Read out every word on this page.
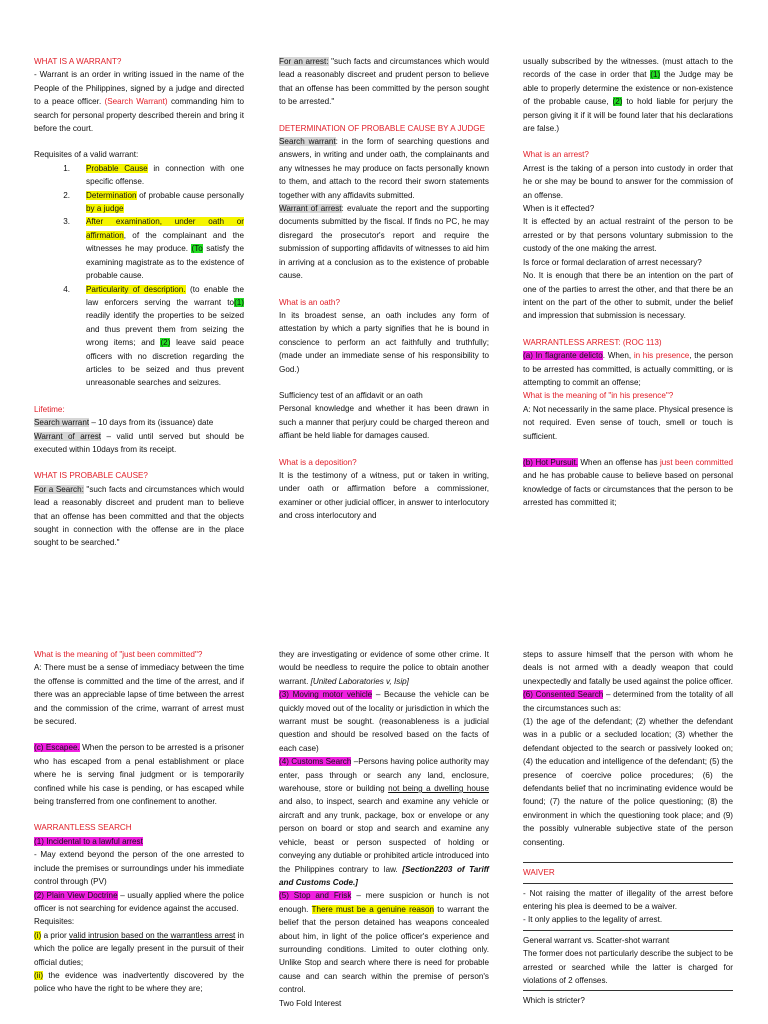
WHAT IS A WARRANT?

- Warrant is an order in writing issued in the name of the People of the Philippines, signed by a judge and directed to a peace officer. (Search Warrant) commanding him to search for personal property described therein and bring it before the court.

Requisites of a valid warrant:

1.	Probable Cause in connection with one specific offense.
2.	Determination of probable cause personally by a judge
3.	After examination, under oath or affirmation, of the complainant and the witnesses he may produce. (To satisfy the examining magistrate as to the existence of probable cause.
4.	Particularity of description. (to enable the law enforcers serving the warrant to(1) readily identify the properties to be seized and thus prevent them from seizing the wrong items; and (2) leave said peace officers with no discretion regarding the articles to be seized and thus prevent unreasonable searches and seizures.

Lifetime:

Search warrant – 10 days from its (issuance) date

Warrant of arrest – valid until served but should be executed within 10days from its receipt.

WHAT IS PROBABLE CAUSE?

For a Search: "such facts and circumstances which would lead a reasonably discreet and prudent man to believe that an offense has been committed and that the objects sought in connection with the offense are in the place sought to be searched."

For an arrest: "such facts and circumstances which would lead a reasonably discreet and prudent person to believe that an offense has been committed by the person sought to be arrested."

DETERMINATION OF PROBABLE CAUSE BY A JUDGE

Search warrant: in the form of searching questions and answers, in writing and under oath, the complainants and any witnesses he may produce on facts personally known to them, and attach to the record their sworn statements together with any affidavits submitted.

Warrant of arrest: evaluate the report and the supporting documents submitted by the fiscal. If finds no PC, he may disregard the prosecutor's report and require the submission of supporting affidavits of witnesses to aid him in arriving at a conclusion as to the existence of probable cause.

What is an oath?

In its broadest sense, an oath includes any form of attestation by which a party signifies that he is bound in conscience to perform an act faithfully and truthfully; (made under an immediate sense of his responsibility to God.)

Sufficiency test of an affidavit or an oath

Personal knowledge and whether it has been drawn in such a manner that perjury could be charged thereon and affiant be held liable for damages caused.

What is a deposition?

It is the testimony of a witness, put or taken in writing, under oath or affirmation before a commissioner, examiner or other judicial officer, in answer to interlocutory and cross interlocutory and

usually subscribed by the witnesses. (must attach to the records of the case in order that (1) the Judge may be able to properly determine the existence or non-existence of the probable cause, (2) to hold liable for perjury the person giving it if it will be found later that his declarations are false.)

What is an arrest?

Arrest is the taking of a person into custody in order that he or she may be bound to answer for the commission of an offense.

When is it effected?

It is effected by an actual restraint of the person to be arrested or by that persons voluntary submission to the custody of the one making the arrest.

Is force or formal declaration of arrest necessary?

No. It is enough that there be an intention on the part of one of the parties to arrest the other, and that there be an intent on the part of the other to submit, under the belief and impression that submission is necessary.

WARRANTLESS ARREST: (ROC 113)

(a) In flagrante delicto. When, in his presence, the person to be arrested has committed, is actually committing, or is attempting to commit an offense;

What is the meaning of "in his presence"?

A: Not necessarily in the same place. Physical presence is not required. Even sense of touch, smell or touch is sufficient.

(b) Hot Pursuit. When an offense has just been committed and he has probable cause to believe based on personal knowledge of facts or circumstances that the person to be arrested has committed it;

What is the meaning of "just been committed"?

A: There must be a sense of immediacy between the time the offense is committed and the time of the arrest, and if there was an appreciable lapse of time between the arrest and the commission of the crime, warrant of arrest must be secured.

(c) Escapee. When the person to be arrested is a prisoner who has escaped from a penal establishment or place where he is serving final judgment or is temporarily confined while his case is pending, or has escaped while being transferred from one confinement to another.

WARRANTLESS SEARCH

(1) Incidental to a lawful arrest

- May extend beyond the person of the one arrested to include the premises or surroundings under his immediate control through (PV)

(2) Plain View Doctrine – usually applied where the police officer is not searching for evidence against the accused.

Requisites:

(i) a prior valid intrusion based on the warrantless arrest in which the police are legally present in the pursuit of their official duties;

(ii) the evidence was inadvertently discovered by the police who have the right to be where they are;

they are investigating or evidence of some other crime. It would be needless to require the police to obtain another warrant. [United Laboratories v, Isip]

(3) Moving motor vehicle – Because the vehicle can be quickly moved out of the locality or jurisdiction in which the warrant must be sought. (reasonableness is a judicial question and should be resolved based on the facts of each case)

(4) Customs Search –Persons having police authority may enter, pass through or search any land, enclosure, warehouse, store or building not being a dwelling house and also, to inspect, search and examine any vehicle or aircraft and any trunk, package, box or envelope or any person on board or stop and search and examine any vehicle, beast or person suspected of holding or conveying any dutiable or prohibited article introduced into the Philippines contrary to law. [Section2203 of Tariff and Customs Code.]

(5) Stop and Frisk – mere suspicion or hunch is not enough. There must be a genuine reason to warrant the belief that the person detained has weapons concealed about him, in light of the police officer's experience and surrounding conditions. Limited to outer clothing only. Unlike Stop and search where there is need for probable cause and can search within the premise of person's control.

Two Fold Interest

steps to assure himself that the person with whom he deals is not armed with a deadly weapon that could unexpectedly and fatally be used against the police officer.

(6) Consented Search – determined from the totality of all the circumstances such as:

(1) the age of the defendant; (2) whether the defendant was in a public or a secluded location; (3) whether the defendant objected to the search or passively looked on; (4) the education and intelligence of the defendant; (5) the presence of coercive police procedures; (6) the defendants belief that no incriminating evidence would be found; (7) the nature of the police questioning; (8) the environment in which the questioning took place; and (9) the possibly vulnerable subjective state of the person consenting.

WAIVER

- Not raising the matter of illegality of the arrest before entering his plea is deemed to be a waiver.

- It only applies to the legality of arrest.

General warrant vs. Scatter-shot warrant

The former does not particularly describe the subject to be arrested or searched while the latter is charged for violations of 2 offenses.

Which is stricter?
